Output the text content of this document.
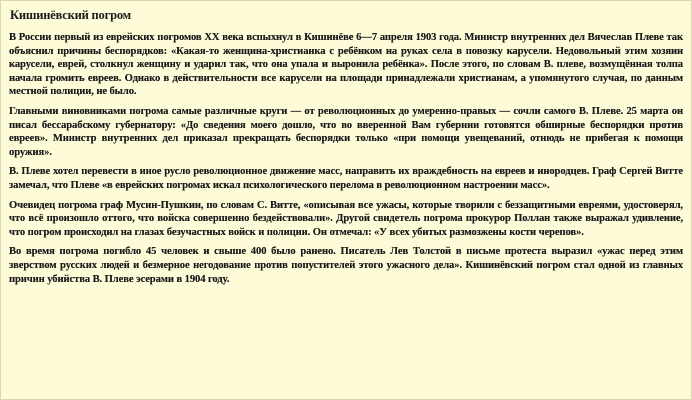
Кишинёвский погром

В России первый из еврейских погромов XX века вспыхнул в Кишинёве 6—7 апреля 1903 года. Министр внутренних дел Вячеслав Плеве так объяснил причины беспорядков: «Какая-то женщина-христианка с ребёнком на руках села в повозку карусели. Недовольный этим хозяин карусели, еврей, столкнул женщину и ударил так, что она упала и выронила ребёнка». После этого, по словам В. плеве, возмущённая толпа начала громить евреев. Однако в действительности все карусели на площади принадлежали христианам, а упомянутого случая, по данным местной полиции, не было.

Главными виновниками погрома самые различные круги — от революционных до умеренно-правых — сочли самого В. Плеве. 25 марта он писал бессарабскому губернатору: «До сведения моего дошло, что во вверенной Вам губернии готовятся обширные беспорядки против евреев». Министр внутренних дел приказал прекращать беспорядки только «при помощи увещеваний, отнюдь не прибегая к помощи оружия».

В. Плеве хотел перевести в иное русло революционное движение масс, направить их враждебность на евреев и инородцев. Граф Сергей Витте замечал, что Плеве «в еврейских погромах искал психологического перелома в революционном настроении масс».

Очевидец погрома граф Мусин-Пушкин, по словам С. Витте, «описывая все ужасы, которые творили с беззащитными евреями, удостоверял, что всё произошло оттого, что войска совершенно бездействовали». Другой свидетель погрома прокурор Поллан также выражал удивление, что погром происходил на глазах безучастных войск и полиции. Он отмечал: «У всех убитых размозжены кости черепов».

Во время погрома погибло 45 человек и свыше 400 было ранено. Писатель Лев Толстой в письме протеста выразил «ужас перед этим зверством русских людей и безмерное негодование против попустителей этого ужасного дела». Кишинёвский погром стал одной из главных причин убийства В. Плеве эсерами в 1904 году.
